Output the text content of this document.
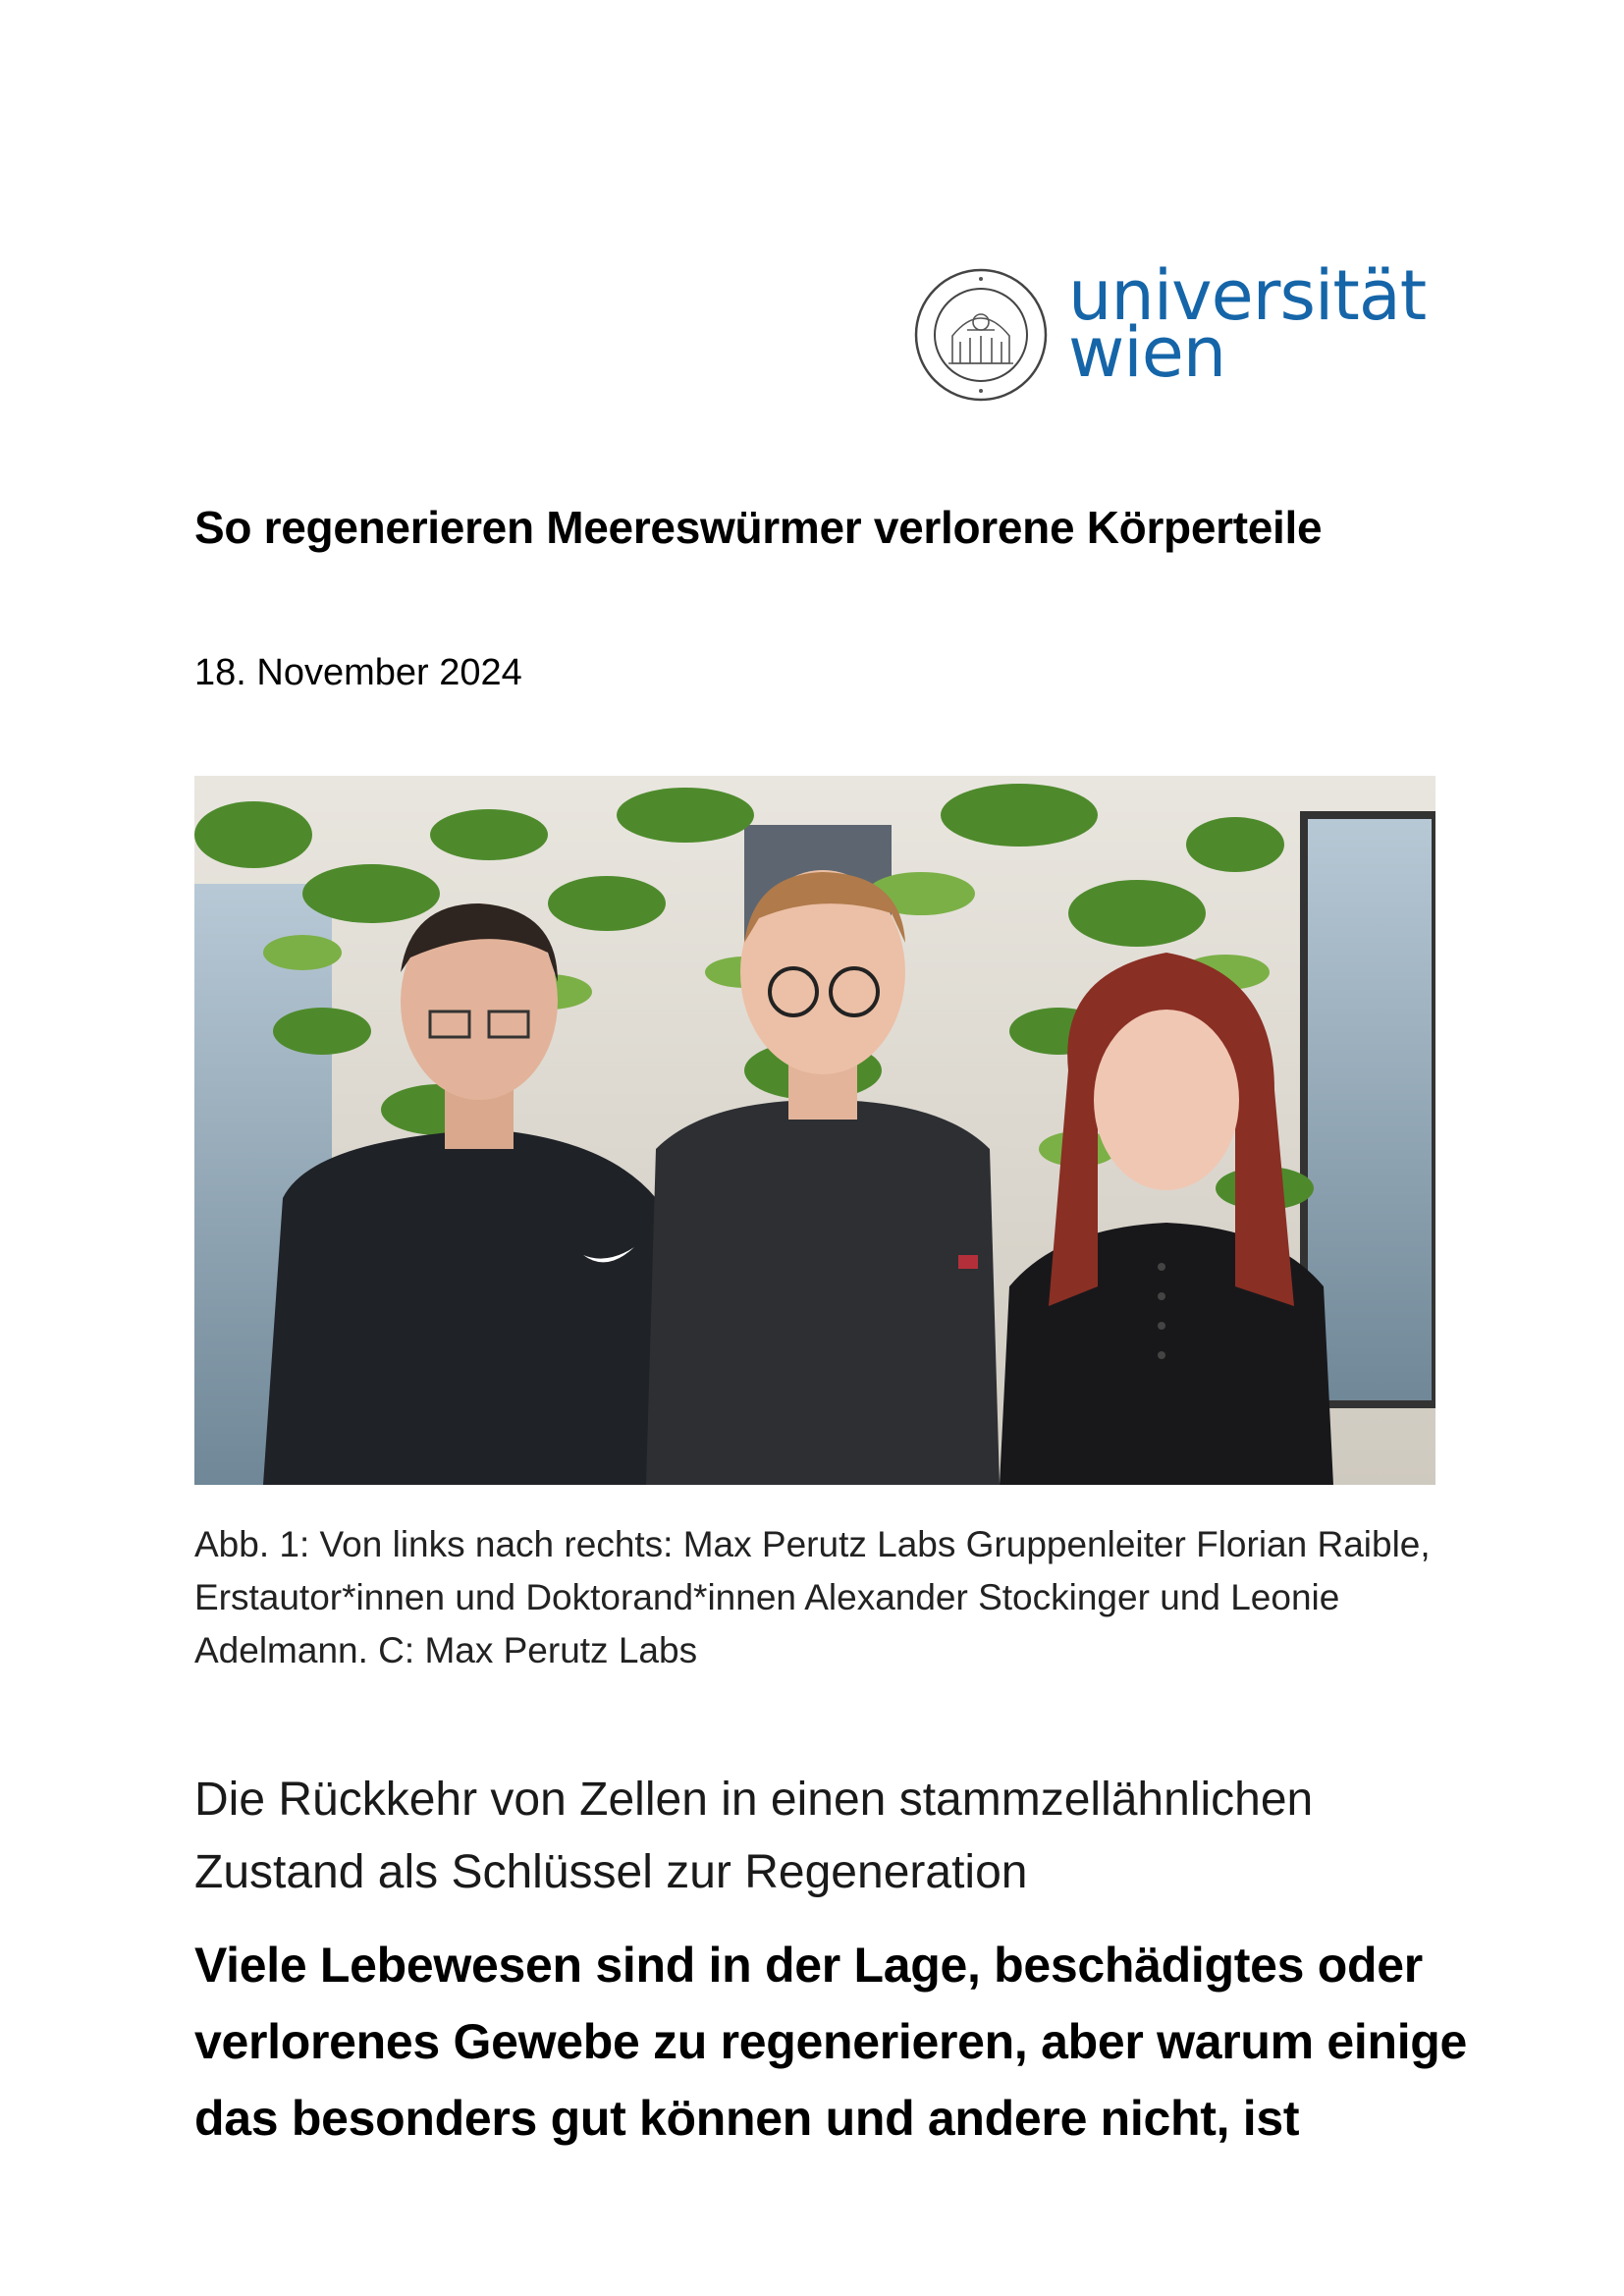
universität
wien
So regenerieren Meereswürmer verlorene Körperteile
18. November 2024
Abb. 1: Von links nach rechts: Max Perutz Labs Gruppenleiter Florian Raible, Erstautor*innen und Doktorand*innen Alexander Stockinger und Leonie Adelmann. C: Max Perutz Labs
Die Rückkehr von Zellen in einen stammzellähnlichen Zustand als Schlüssel zur Regeneration
Viele Lebewesen sind in der Lage, beschädigtes oder verlorenes Gewebe zu regenerieren, aber warum einige das besonders gut können und andere nicht, ist
